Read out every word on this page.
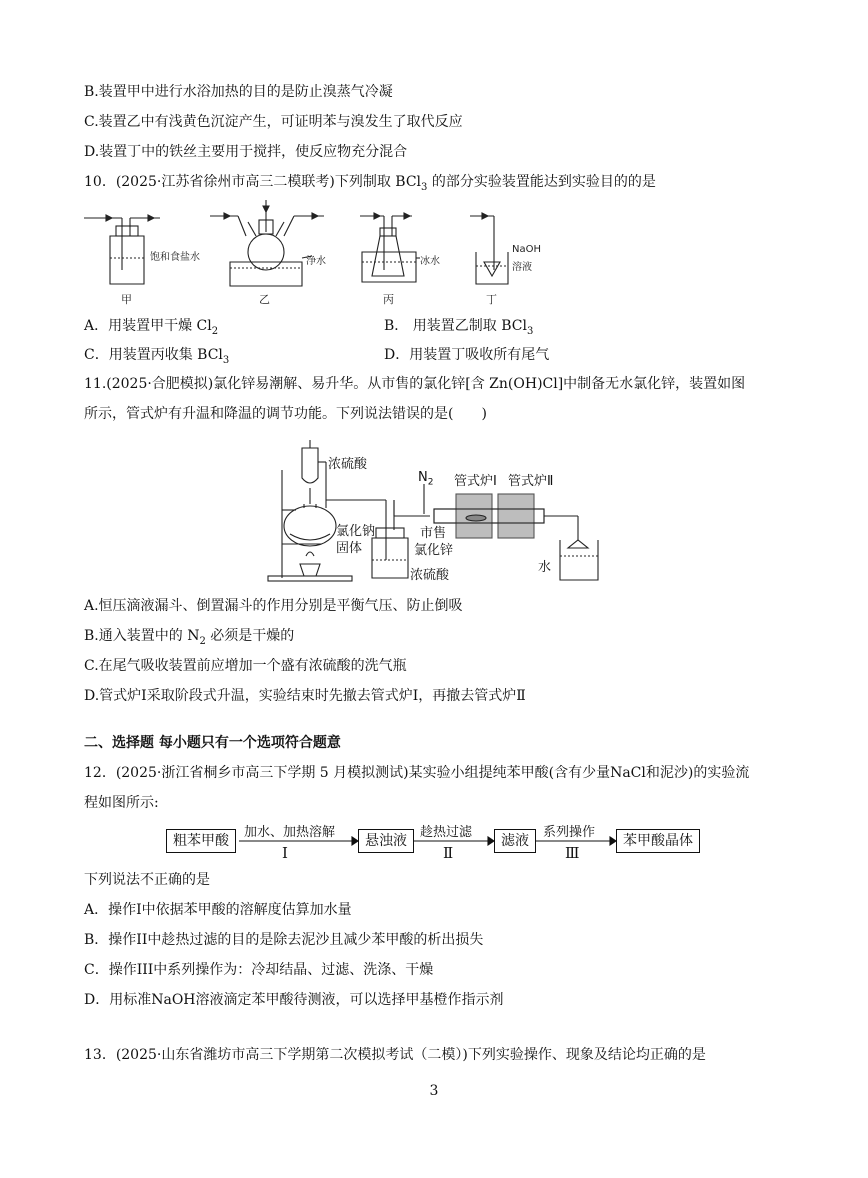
B.装置甲中进行水浴加热的目的是防止溴蒸气冷凝
C.装置乙中有浅黄色沉淀产生，可证明苯与溴发生了取代反应
D.装置丁中的铁丝主要用于搅拌，使反应物充分混合
10．(2025·江苏省徐州市高三二模联考)下列制取 BCl$_3$ 的部分实验装置能达到实验目的的是
饱和食盐水	浄水	冰水
NaOH
溶液
甲	乙	丙	丁
A．用装置甲干燥 $Cl_2$	B． 用装置乙制取 BCl$_3$
C．用装置丙收集 BCl$_3$	D．用装置丁吸收所有尾气
11.(2025·合肥模拟)氯化锌易潮解、易升华。从市售的氯化锌[含 Zn(OH)Cl]中制备无水氯化锌，装置如图
所示，管式炉有升温和降温的调节功能。下列说法错误的是(　　)
浓硫酸
$N_2$ 管式炉Ⅰ 管式炉Ⅱ
氯化钠
固体
市售
氯化锌
浓硫酸
水
A.恒压滴液漏斗、倒置漏斗的作用分别是平衡气压、防止倒吸
B.通入装置中的 $N_2$ 必须是干燥的
C.在尾气吸收装置前应增加一个盛有浓硫酸的洗气瓶
D.管式炉Ⅰ采取阶段式升温，实验结束时先撤去管式炉Ⅰ，再撤去管式炉Ⅱ
二、选择题 每小题只有一个选项符合题意
12．(2025·浙江省桐乡市高三下学期 5 月模拟测试)某实验小组提纯苯甲酸(含有少量NaCl和泥沙)的实验流
程如图所示:
粗苯甲酸
加水、加热溶解
Ⅰ
悬浊液
趁热过滤
Ⅱ
滤液
系列操作
Ⅲ
苯甲酸晶体
下列说法不正确的是
A．操作I中依据苯甲酸的溶解度估算加水量
B．操作II中趁热过滤的目的是除去泥沙且减少苯甲酸的析出损失
C．操作III中系列操作为：冷却结晶、过滤、洗涤、干燥
D．用标准NaOH溶液滴定苯甲酸待测液，可以选择甲基橙作指示剂
13．(2025·山东省潍坊市高三下学期第二次模拟考试（二模）)下列实验操作、现象及结论均正确的是
3
